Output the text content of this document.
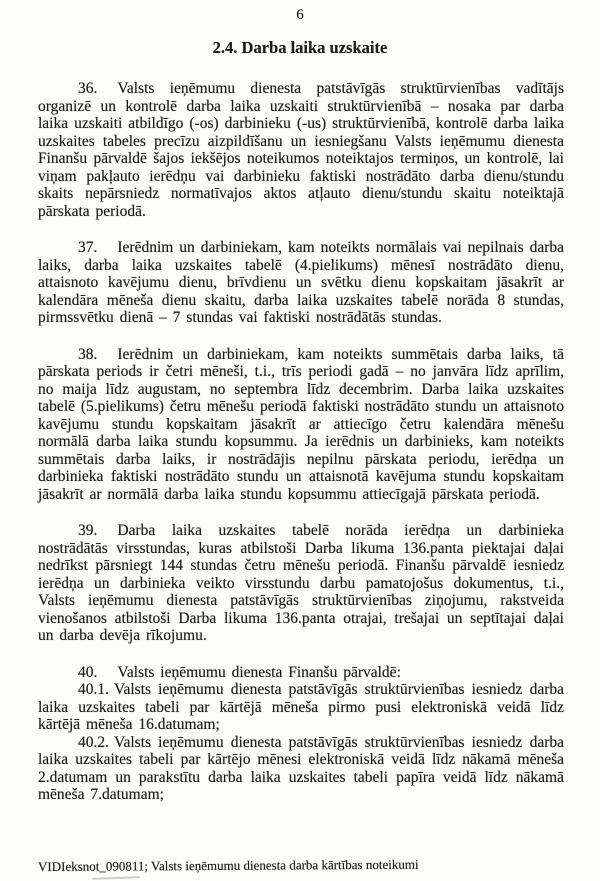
6
2.4. Darba laika uzskaite

36. Valsts ieņēmumu dienesta patstāvīgās struktūrvienības vadītājs organizē un kontrolē darba laika uzskaiti struktūrvienībā – nosaka par darba laika uzskaiti atbildīgo (-os) darbinieku (-us) struktūrvienībā, kontrolē darba laika uzskaites tabeles precīzu aizpildīšanu un iesniegšanu Valsts ieņēmumu dienesta Finanšu pārvaldē šajos iekšējos noteikumos noteiktajos termiņos, un kontrolē, lai viņam pakļauto ierēdņu vai darbinieku faktiski nostrādāto darba dienu/stundu skaits nepārsniedz normatīvajos aktos atļauto dienu/stundu skaitu noteiktajā pārskata periodā.

37. Ierēdnim un darbiniekam, kam noteikts normālais vai nepilnais darba laiks, darba laika uzskaites tabelē (4.pielikums) mēnesī nostrādāto dienu, attaisnoto kavējumu dienu, brīvdienu un svētku dienu kopskaitam jāsakrīt ar kalendāra mēneša dienu skaitu, darba laika uzskaites tabelē norāda 8 stundas, pirmssvētku dienā – 7 stundas vai faktiski nostrādātās stundas.

38. Ierēdnim un darbiniekam, kam noteikts summētais darba laiks, tā pārskata periods ir četri mēneši, t.i., trīs periodi gadā – no janvāra līdz aprīlim, no maija līdz augustam, no septembra līdz decembrim. Darba laika uzskaites tabelē (5.pielikums) četru mēnešu periodā faktiski nostrādāto stundu un attaisnoto kavējumu stundu kopskaitam jāsakrīt ar attiecīgo četru kalendāra mēnešu normālā darba laika stundu kopsummu. Ja ierēdnis un darbinieks, kam noteikts summētais darba laiks, ir nostrādājis nepilnu pārskata periodu, ierēdņa un darbinieka faktiski nostrādāto stundu un attaisnotā kavējuma stundu kopskaitam jāsakrīt ar normālā darba laika stundu kopsummu attiecīgajā pārskata periodā.

39. Darba laika uzskaites tabelē norāda ierēdņa un darbinieka nostrādātās virsstundas, kuras atbilstoši Darba likuma 136.panta piektajai daļai nedrīkst pārsniegt 144 stundas četru mēnešu periodā. Finanšu pārvaldē iesniedz ierēdņa un darbinieka veikto virsstundu darbu pamatojošus dokumentus, t.i., Valsts ieņēmumu dienesta patstāvīgās struktūrvienības ziņojumu, rakstveida vienošanos atbilstoši Darba likuma 136.panta otrajai, trešajai un septītajai daļai un darba devēja rīkojumu.

40. Valsts ieņēmumu dienesta Finanšu pārvaldē:

40.1. Valsts ieņēmumu dienesta patstāvīgās struktūrvienības iesniedz darba laika uzskaites tabeli par kārtējā mēneša pirmo pusi elektroniskā veidā līdz kārtējā mēneša 16.datumam;

40.2. Valsts ieņēmumu dienesta patstāvīgās struktūrvienības iesniedz darba laika uzskaites tabeli par kārtējo mēnesi elektroniskā veidā līdz nākamā mēneša 2.datumam un parakstītu darba laika uzskaites tabeli papīra veidā līdz nākamā mēneša 7.datumam;

VIDIeksnot_090811; Valsts ieņēmumu dienesta darba kārtības noteikumi
